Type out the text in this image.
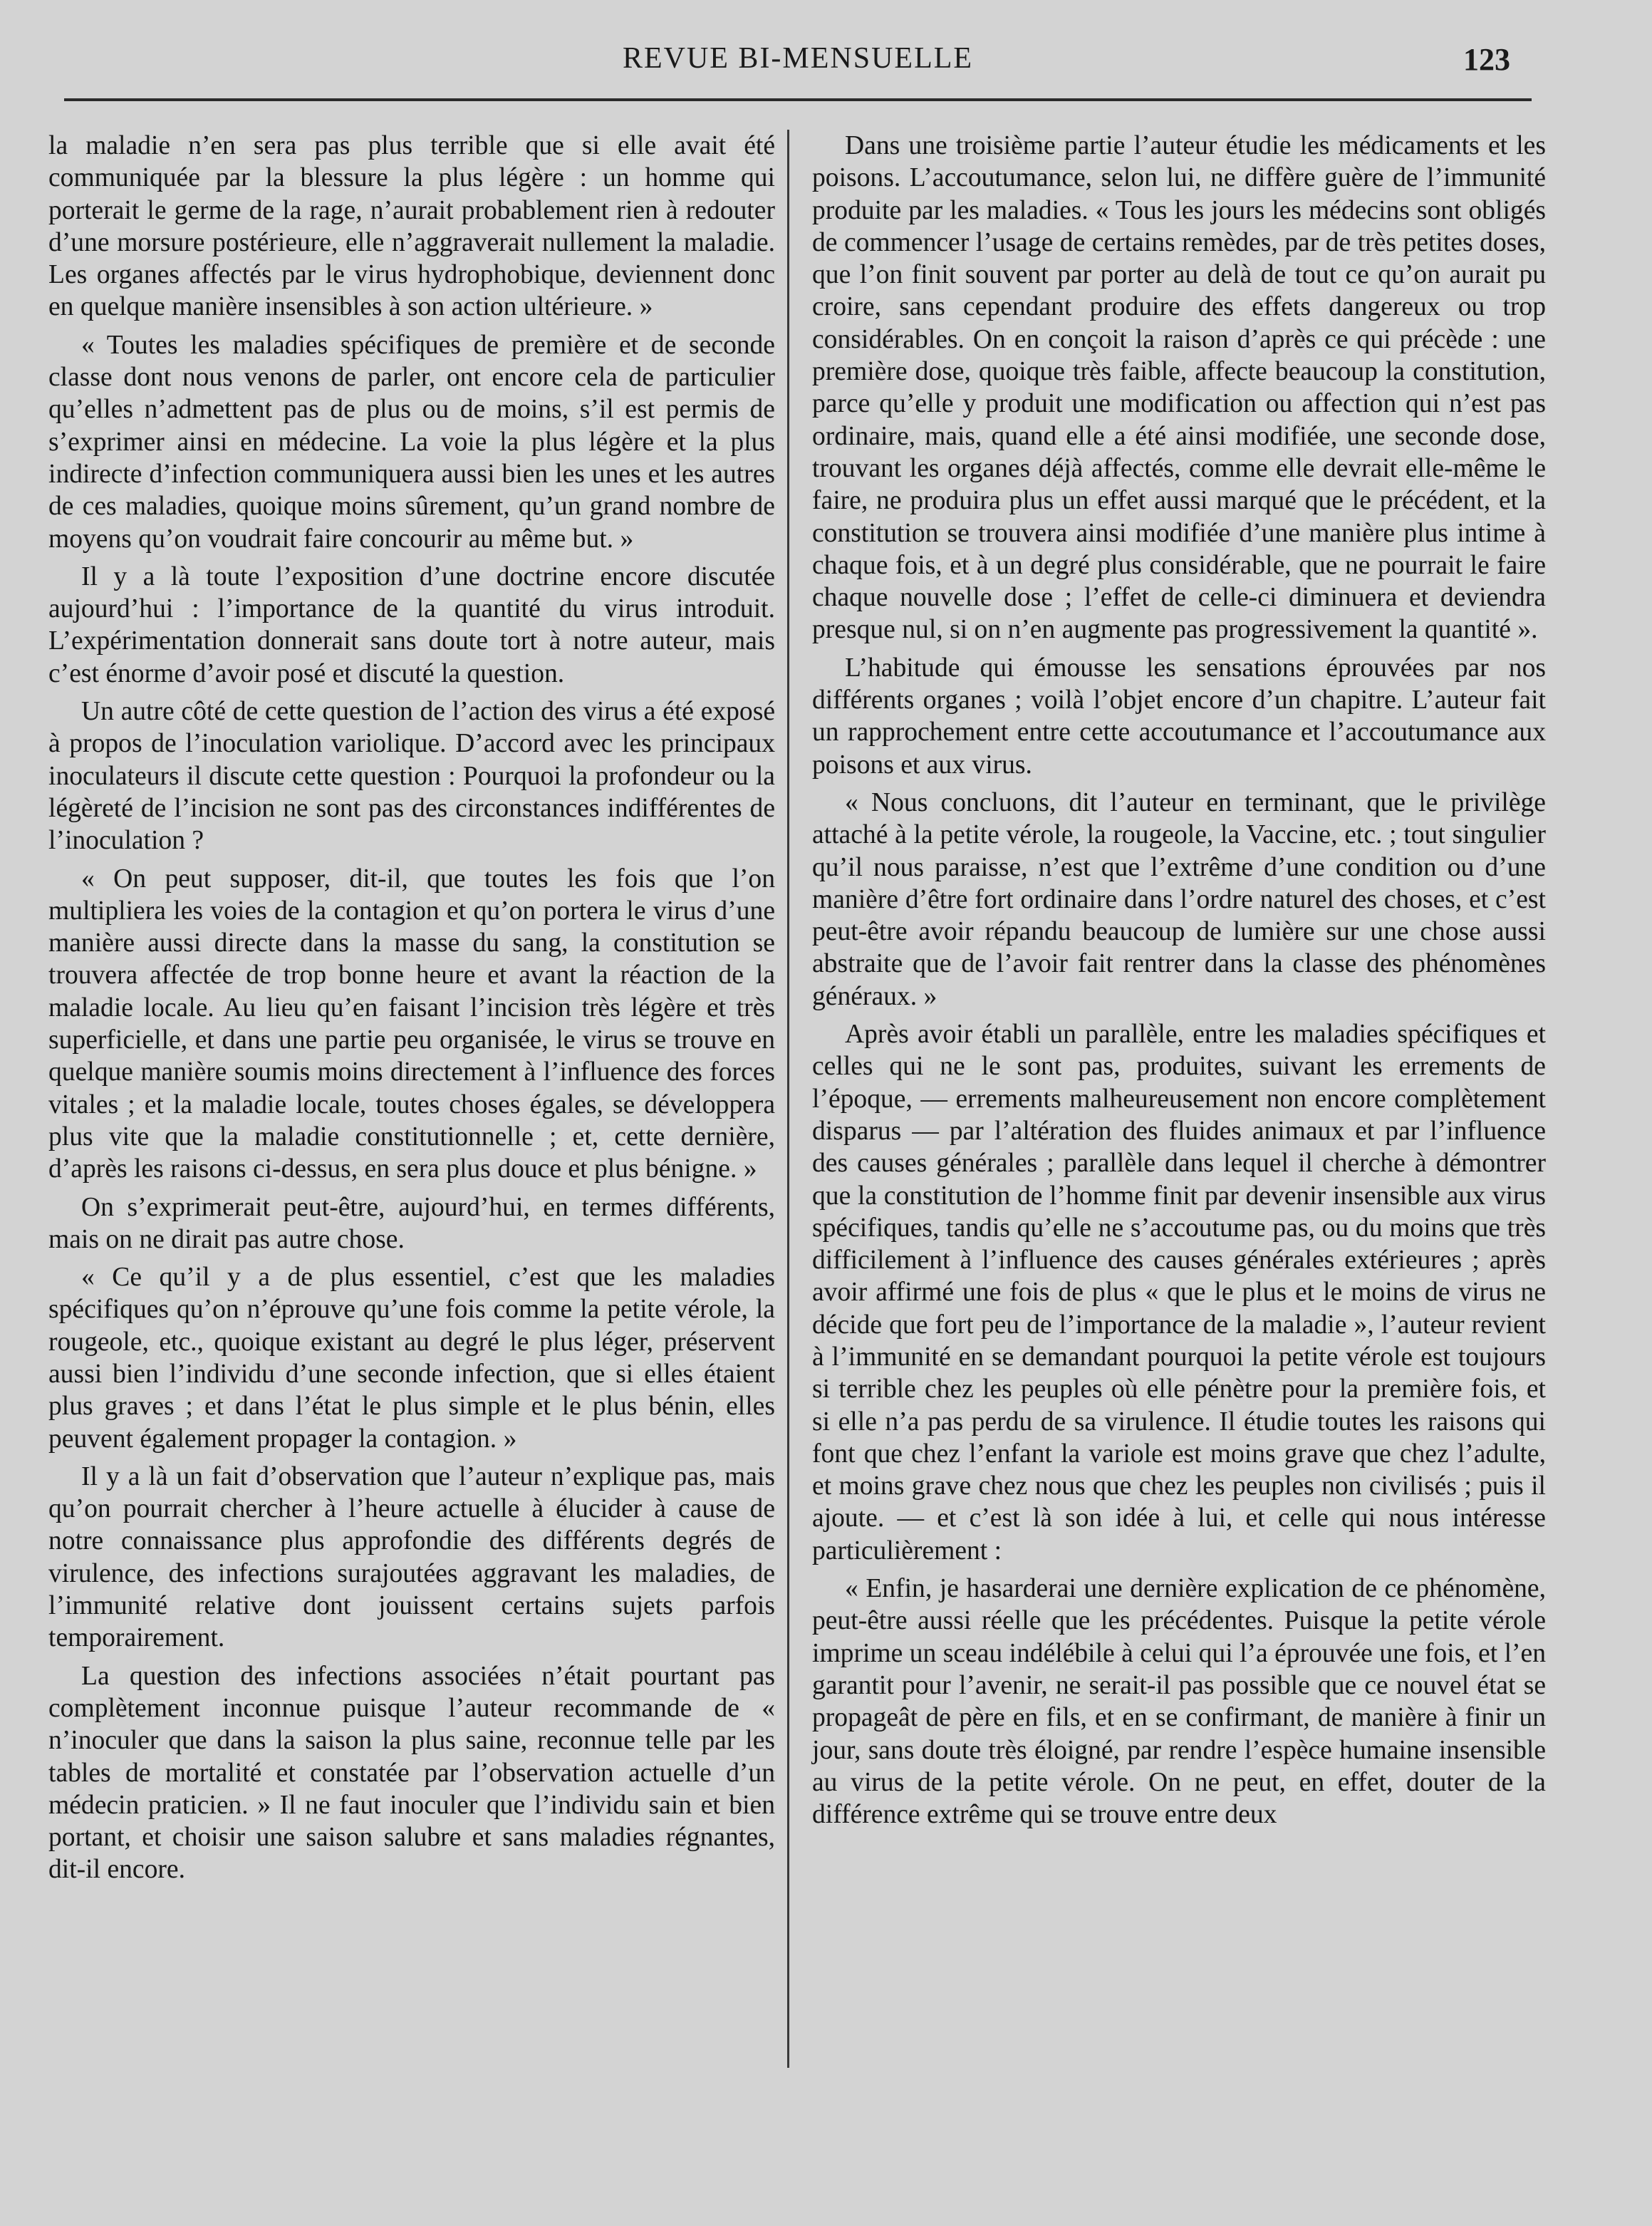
REVUE BI-MENSUELLE	123

la maladie n’en sera pas plus terrible que si elle avait été communiquée par la blessure la plus légère : un homme qui porterait le germe de la rage, n’aurait probablement rien à redouter d’une morsure postérieure, elle n’aggraverait nullement la maladie. Les organes affectés par le virus hydrophobique, deviennent donc en quelque manière insensibles à son action ultérieure. »

« Toutes les maladies spécifiques de première et de seconde classe dont nous venons de parler, ont encore cela de particulier qu’elles n’admettent pas de plus ou de moins, s’il est permis de s’exprimer ainsi en médecine. La voie la plus légère et la plus indirecte d’infection communiquera aussi bien les unes et les autres de ces maladies, quoique moins sûrement, qu’un grand nombre de moyens qu’on voudrait faire concourir au même but. »

Il y a là toute l’exposition d’une doctrine encore discutée aujourd’hui : l’importance de la quantité du virus introduit. L’expérimentation donnerait sans doute tort à notre auteur, mais c’est énorme d’avoir posé et discuté la question.

Un autre côté de cette question de l’action des virus a été exposé à propos de l’inoculation variolique. D’accord avec les principaux inoculateurs il discute cette question : Pourquoi la profondeur ou la légèreté de l’incision ne sont pas des circonstances indifférentes de l’inoculation ?

« On peut supposer, dit-il, que toutes les fois que l’on multipliera les voies de la contagion et qu’on portera le virus d’une manière aussi directe dans la masse du sang, la constitution se trouvera affectée de trop bonne heure et avant la réaction de la maladie locale. Au lieu qu’en faisant l’incision très légère et très superficielle, et dans une partie peu organisée, le virus se trouve en quelque manière soumis moins directement à l’influence des forces vitales ; et la maladie locale, toutes choses égales, se développera plus vite que la maladie constitutionnelle ; et, cette dernière, d’après les raisons ci-dessus, en sera plus douce et plus bénigne. »

On s’exprimerait peut-être, aujourd’hui, en termes différents, mais on ne dirait pas autre chose.

« Ce qu’il y a de plus essentiel, c’est que les maladies spécifiques qu’on n’éprouve qu’une fois comme la petite vérole, la rougeole, etc., quoique existant au degré le plus léger, préservent aussi bien l’individu d’une seconde infection, que si elles étaient plus graves ; et dans l’état le plus simple et le plus bénin, elles peuvent également propager la contagion. »

Il y a là un fait d’observation que l’auteur n’explique pas, mais qu’on pourrait chercher à l’heure actuelle à élucider à cause de notre connaissance plus approfondie des différents degrés de virulence, des infections surajoutées aggravant les maladies, de l’immunité relative dont jouissent certains sujets parfois temporairement.

La question des infections associées n’était pourtant pas complètement inconnue puisque l’auteur recommande de « n’inoculer que dans la saison la plus saine, reconnue telle par les tables de mortalité et constatée par l’observation actuelle d’un médecin praticien. » Il ne faut inoculer que l’individu sain et bien portant, et choisir une saison salubre et sans maladies régnantes, dit-il encore.

Dans une troisième partie l’auteur étudie les médicaments et les poisons. L’accoutumance, selon lui, ne diffère guère de l’immunité produite par les maladies. « Tous les jours les médecins sont obligés de commencer l’usage de certains remèdes, par de très petites doses, que l’on finit souvent par porter au delà de tout ce qu’on aurait pu croire, sans cependant produire des effets dangereux ou trop considérables. On en conçoit la raison d’après ce qui précède : une première dose, quoique très faible, affecte beaucoup la constitution, parce qu’elle y produit une modification ou affection qui n’est pas ordinaire, mais, quand elle a été ainsi modifiée, une seconde dose, trouvant les organes déjà affectés, comme elle devrait elle-même le faire, ne produira plus un effet aussi marqué que le précédent, et la constitution se trouvera ainsi modifiée d’une manière plus intime à chaque fois, et à un degré plus considérable, que ne pourrait le faire chaque nouvelle dose ; l’effet de celle-ci diminuera et deviendra presque nul, si on n’en augmente pas progressivement la quantité ».

L’habitude qui émousse les sensations éprouvées par nos différents organes ; voilà l’objet encore d’un chapitre. L’auteur fait un rapprochement entre cette accoutumance et l’accoutumance aux poisons et aux virus.

« Nous concluons, dit l’auteur en terminant, que le privilège attaché à la petite vérole, la rougeole, la Vaccine, etc. ; tout singulier qu’il nous paraisse, n’est que l’extrême d’une condition ou d’une manière d’être fort ordinaire dans l’ordre naturel des choses, et c’est peut-être avoir répandu beaucoup de lumière sur une chose aussi abstraite que de l’avoir fait rentrer dans la classe des phénomènes généraux. »

Après avoir établi un parallèle, entre les maladies spécifiques et celles qui ne le sont pas, produites, suivant les errements de l’époque, — errements malheureusement non encore complètement disparus — par l’altération des fluides animaux et par l’influence des causes générales ; parallèle dans lequel il cherche à démontrer que la constitution de l’homme finit par devenir insensible aux virus spécifiques, tandis qu’elle ne s’accoutume pas, ou du moins que très difficilement à l’influence des causes générales extérieures ; après avoir affirmé une fois de plus « que le plus et le moins de virus ne décide que fort peu de l’importance de la maladie », l’auteur revient à l’immunité en se demandant pourquoi la petite vérole est toujours si terrible chez les peuples où elle pénètre pour la première fois, et si elle n’a pas perdu de sa virulence. Il étudie toutes les raisons qui font que chez l’enfant la variole est moins grave que chez l’adulte, et moins grave chez nous que chez les peuples non civilisés ; puis il ajoute. — et c’est là son idée à lui, et celle qui nous intéresse particulièrement :

« Enfin, je hasarderai une dernière explication de ce phénomène, peut-être aussi réelle que les précédentes. Puisque la petite vérole imprime un sceau indélébile à celui qui l’a éprouvée une fois, et l’en garantit pour l’avenir, ne serait-il pas possible que ce nouvel état se propageât de père en fils, et en se confirmant, de manière à finir un jour, sans doute très éloigné, par rendre l’espèce humaine insensible au virus de la petite vérole. On ne peut, en effet, douter de la différence extrême qui se trouve entre deux
